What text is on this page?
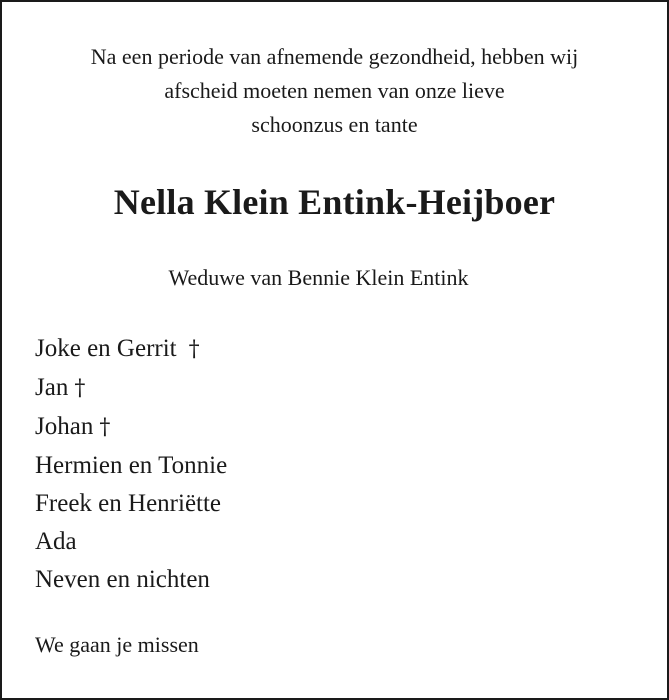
Na een periode van afnemende gezondheid, hebben wij
afscheid moeten nemen van onze lieve
schoonzus en tante
Nella Klein Entink-Heijboer
Weduwe van Bennie Klein Entink
Joke en Gerrit †
Jan †
Johan †
Hermien en Tonnie
Freek en Henriëtte
Ada
Neven en nichten
We gaan je missen
